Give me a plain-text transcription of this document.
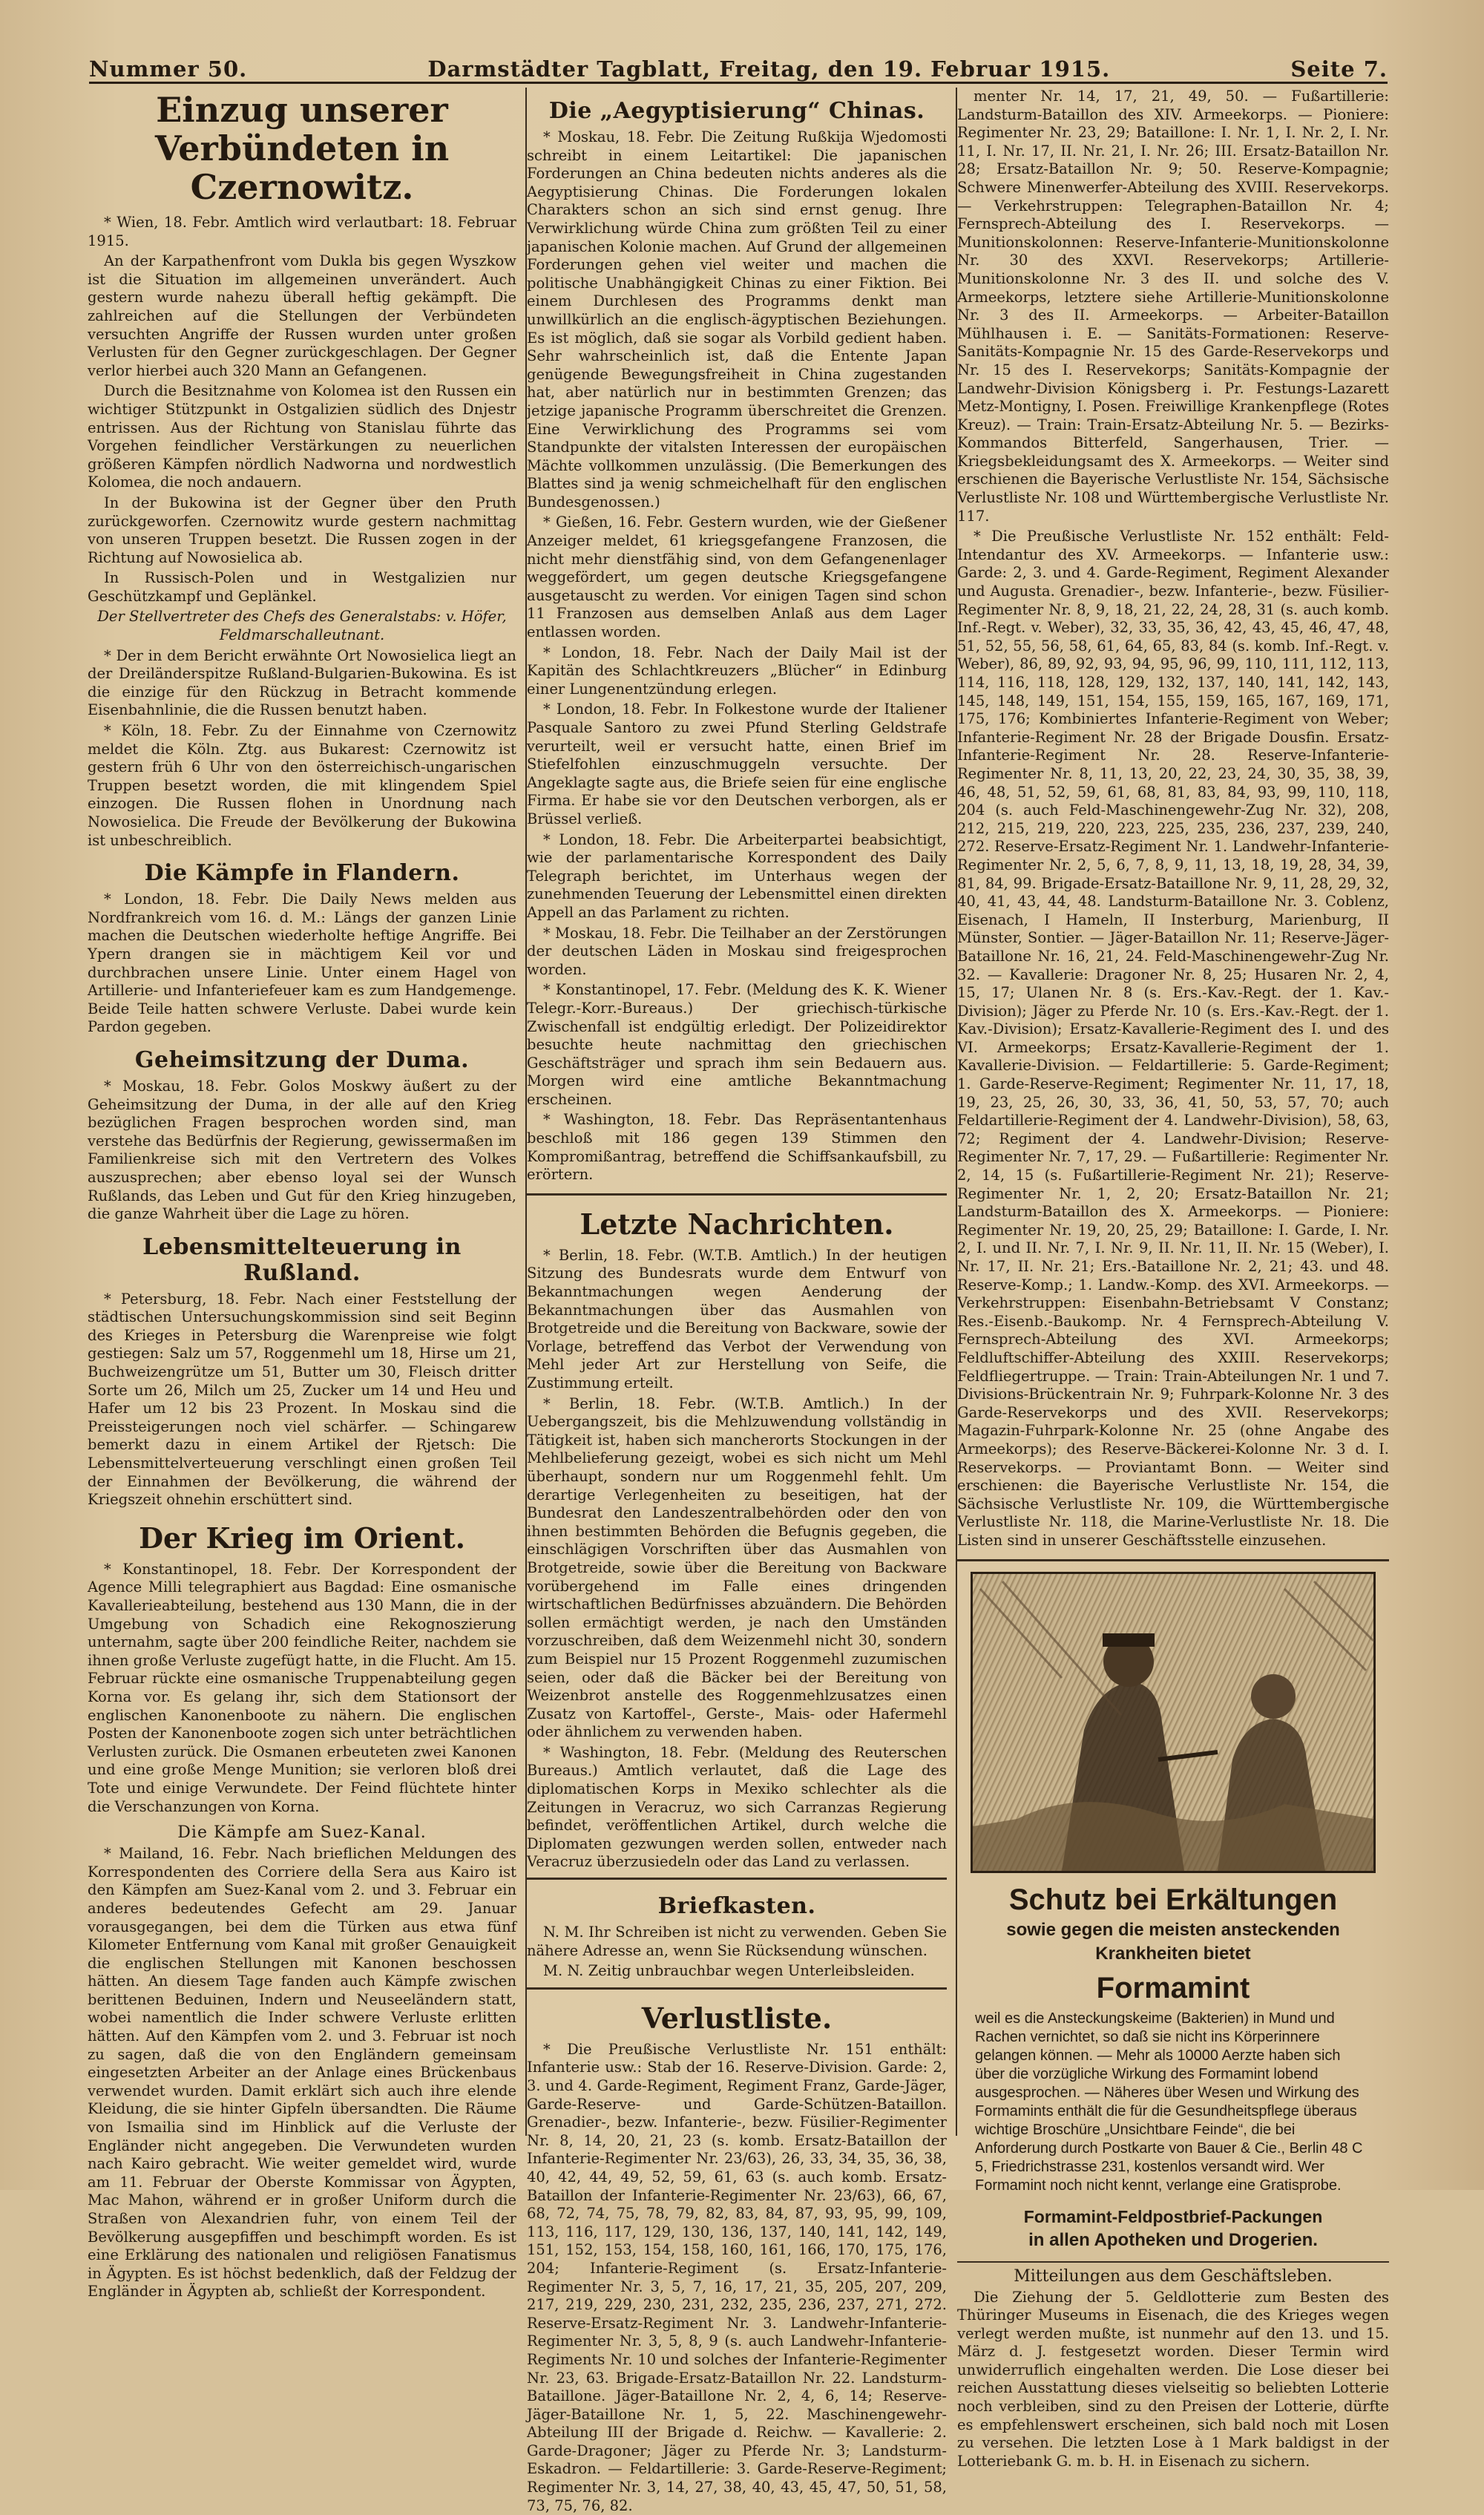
Nummer 50.	Darmstädter Tagblatt, Freitag, den 19. Februar 1915.	Seite 7.
Einzug unserer Verbündeten in Czernowitz.

* Wien, 18. Febr. Amtlich wird verlautbart: 18. Februar 1915.

An der Karpathenfront vom Dukla bis gegen Wyszkow ist die Situation im allgemeinen unverändert. Auch gestern wurde nahezu überall heftig gekämpft. Die zahlreichen auf die Stellungen der Verbündeten versuchten Angriffe der Russen wurden unter großen Verlusten für den Gegner zurückgeschlagen. Der Gegner verlor hierbei auch 320 Mann an Gefangenen.

Durch die Besitznahme von Kolomea ist den Russen ein wichtiger Stützpunkt in Ostgalizien südlich des Dnjestr entrissen. Aus der Richtung von Stanislau führte das Vorgehen feindlicher Verstärkungen zu neuerlichen größeren Kämpfen nördlich Nadworna und nordwestlich Kolomea, die noch andauern.

In der Bukowina ist der Gegner über den Pruth zurückgeworfen. Czernowitz wurde gestern nachmittag von unseren Truppen besetzt. Die Russen zogen in der Richtung auf Nowosielica ab.

In Russisch-Polen und in Westgalizien nur Geschützkampf und Geplänkel.

Der Stellvertreter des Chefs des Generalstabs: v. Höfer, Feldmarschalleutnant.

* Der in dem Bericht erwähnte Ort Nowosielica liegt an der Dreiländerspitze Rußland-Bulgarien-Bukowina. Es ist die einzige für den Rückzug in Betracht kommende Eisenbahnlinie, die die Russen benutzt haben.

* Köln, 18. Febr. Zu der Einnahme von Czernowitz meldet die Köln. Ztg. aus Bukarest: Czernowitz ist gestern früh 6 Uhr von den österreichisch-ungarischen Truppen besetzt worden, die mit klingendem Spiel einzogen. Die Russen flohen in Unordnung nach Nowosielica. Die Freude der Bevölkerung der Bukowina ist unbeschreiblich.

Die Kämpfe in Flandern.

* London, 18. Febr. Die Daily News melden aus Nordfrankreich vom 16. d. M.: Längs der ganzen Linie machen die Deutschen wiederholte heftige Angriffe. Bei Ypern drangen sie in mächtigem Keil vor und durchbrachen unsere Linie. Unter einem Hagel von Artillerie- und Infanteriefeuer kam es zum Handgemenge. Beide Teile hatten schwere Verluste. Dabei wurde kein Pardon gegeben.

Geheimsitzung der Duma.

* Moskau, 18. Febr. Golos Moskwy äußert zu der Geheimsitzung der Duma, in der alle auf den Krieg bezüglichen Fragen besprochen worden sind, man verstehe das Bedürfnis der Regierung, gewissermaßen im Familienkreise sich mit den Vertretern des Volkes auszusprechen; aber ebenso loyal sei der Wunsch Rußlands, das Leben und Gut für den Krieg hinzugeben, die ganze Wahrheit über die Lage zu hören.

Lebensmittelteuerung in Rußland.

* Petersburg, 18. Febr. Nach einer Feststellung der städtischen Untersuchungskommission sind seit Beginn des Krieges in Petersburg die Warenpreise wie folgt gestiegen: Salz um 57, Roggenmehl um 18, Hirse um 21, Buchweizengrütze um 51, Butter um 30, Fleisch dritter Sorte um 26, Milch um 25, Zucker um 14 und Heu und Hafer um 12 bis 23 Prozent. In Moskau sind die Preissteigerungen noch viel schärfer. — Schingarew bemerkt dazu in einem Artikel der Rjetsch: Die Lebensmittelverteuerung verschlingt einen großen Teil der Einnahmen der Bevölkerung, die während der Kriegszeit ohnehin erschüttert sind.

Der Krieg im Orient.

* Konstantinopel, 18. Febr. Der Korrespondent der Agence Milli telegraphiert aus Bagdad: Eine osmanische Kavallerieabteilung, bestehend aus 130 Mann, die in der Umgebung von Schadich eine Rekognoszierung unternahm, sagte über 200 feindliche Reiter, nachdem sie ihnen große Verluste zugefügt hatte, in die Flucht. Am 15. Februar rückte eine osmanische Truppenabteilung gegen Korna vor. Es gelang ihr, sich dem Stationsort der englischen Kanonenboote zu nähern. Die englischen Posten der Kanonenboote zogen sich unter beträchtlichen Verlusten zurück. Die Osmanen erbeuteten zwei Kanonen und eine große Menge Munition; sie verloren bloß drei Tote und einige Verwundete. Der Feind flüchtete hinter die Verschanzungen von Korna.

Die Kämpfe am Suez-Kanal.

* Mailand, 16. Febr. Nach brieflichen Meldungen des Korrespondenten des Corriere della Sera aus Kairo ist den Kämpfen am Suez-Kanal vom 2. und 3. Februar ein anderes bedeutendes Gefecht am 29. Januar vorausgegangen, bei dem die Türken aus etwa fünf Kilometer Entfernung vom Kanal mit großer Genauigkeit die englischen Stellungen mit Kanonen beschossen hätten. An diesem Tage fanden auch Kämpfe zwischen berittenen Beduinen, Indern und Neuseeländern statt, wobei namentlich die Inder schwere Verluste erlitten hätten. Auf den Kämpfen vom 2. und 3. Februar ist noch zu sagen, daß die von den Engländern gemeinsam eingesetzten Arbeiter an der Anlage eines Brückenbaus verwendet wurden. Damit erklärt sich auch ihre elende Kleidung, die sie hinter Gipfeln übersandten. Die Räume von Ismailia sind im Hinblick auf die Verluste der Engländer nicht angegeben. Die Verwundeten wurden nach Kairo gebracht. Wie weiter gemeldet wird, wurde am 11. Februar der Oberste Kommissar von Ägypten, Mac Mahon, während er in großer Uniform durch die Straßen von Alexandrien fuhr, von einem Teil der Bevölkerung ausgepfiffen und beschimpft worden. Es ist eine Erklärung des nationalen und religiösen Fanatismus in Ägypten. Es ist höchst bedenklich, daß der Feldzug der Engländer in Ägypten ab, schließt der Korrespondent.

Die „Aegyptisierung“ Chinas.

* Moskau, 18. Febr. Die Zeitung Rußkija Wjedomosti schreibt in einem Leitartikel: Die japanischen Forderungen an China bedeuten nichts anderes als die Aegyptisierung Chinas. Die Forderungen lokalen Charakters schon an sich sind ernst genug. Ihre Verwirklichung würde China zum größten Teil zu einer japanischen Kolonie machen. Auf Grund der allgemeinen Forderungen gehen viel weiter und machen die politische Unabhängigkeit Chinas zu einer Fiktion. Bei einem Durchlesen des Programms denkt man unwillkürlich an die englisch-ägyptischen Beziehungen. Es ist möglich, daß sie sogar als Vorbild gedient haben. Sehr wahrscheinlich ist, daß die Entente Japan genügende Bewegungsfreiheit in China zugestanden hat, aber natürlich nur in bestimmten Grenzen; das jetzige japanische Programm überschreitet die Grenzen. Eine Verwirklichung des Programms sei vom Standpunkte der vitalsten Interessen der europäischen Mächte vollkommen unzulässig. (Die Bemerkungen des Blattes sind ja wenig schmeichelhaft für den englischen Bundesgenossen.)

* Gießen, 16. Febr. Gestern wurden, wie der Gießener Anzeiger meldet, 61 kriegsgefangene Franzosen, die nicht mehr dienstfähig sind, von dem Gefangenenlager weggefördert, um gegen deutsche Kriegsgefangene ausgetauscht zu werden. Vor einigen Tagen sind schon 11 Franzosen aus demselben Anlaß aus dem Lager entlassen worden.

* London, 18. Febr. Nach der Daily Mail ist der Kapitän des Schlachtkreuzers „Blücher“ in Edinburg einer Lungenentzündung erlegen.

* London, 18. Febr. In Folkestone wurde der Italiener Pasquale Santoro zu zwei Pfund Sterling Geldstrafe verurteilt, weil er versucht hatte, einen Brief im Stiefelfohlen einzuschmuggeln versuchte. Der Angeklagte sagte aus, die Briefe seien für eine englische Firma. Er habe sie vor den Deutschen verborgen, als er Brüssel verließ.

* London, 18. Febr. Die Arbeiterpartei beabsichtigt, wie der parlamentarische Korrespondent des Daily Telegraph berichtet, im Unterhaus wegen der zunehmenden Teuerung der Lebensmittel einen direkten Appell an das Parlament zu richten.

* Moskau, 18. Febr. Die Teilhaber an der Zerstörungen der deutschen Läden in Moskau sind freigesprochen worden.

* Konstantinopel, 17. Febr. (Meldung des K. K. Wiener Telegr.-Korr.-Bureaus.) Der griechisch-türkische Zwischenfall ist endgültig erledigt. Der Polizeidirektor besuchte heute nachmittag den griechischen Geschäftsträger und sprach ihm sein Bedauern aus. Morgen wird eine amtliche Bekanntmachung erscheinen.

* Washington, 18. Febr. Das Repräsentantenhaus beschloß mit 186 gegen 139 Stimmen den Kompromißantrag, betreffend die Schiffsankaufsbill, zu erörtern.

Letzte Nachrichten.

* Berlin, 18. Febr. (W.T.B. Amtlich.) In der heutigen Sitzung des Bundesrats wurde dem Entwurf von Bekanntmachungen wegen Aenderung der Bekanntmachungen über das Ausmahlen von Brotgetreide und die Bereitung von Backware, sowie der Vorlage, betreffend das Verbot der Verwendung von Mehl jeder Art zur Herstellung von Seife, die Zustimmung erteilt.

* Berlin, 18. Febr. (W.T.B. Amtlich.) In der Uebergangszeit, bis die Mehlzuwendung vollständig in Tätigkeit ist, haben sich mancherorts Stockungen in der Mehlbelieferung gezeigt, wobei es sich nicht um Mehl überhaupt, sondern nur um Roggenmehl fehlt. Um derartige Verlegenheiten zu beseitigen, hat der Bundesrat den Landeszentralbehörden oder den von ihnen bestimmten Behörden die Befugnis gegeben, die einschlägigen Vorschriften über das Ausmahlen von Brotgetreide, sowie über die Bereitung von Backware vorübergehend im Falle eines dringenden wirtschaftlichen Bedürfnisses abzuändern. Die Behörden sollen ermächtigt werden, je nach den Umständen vorzuschreiben, daß dem Weizenmehl nicht 30, sondern zum Beispiel nur 15 Prozent Roggenmehl zuzumischen seien, oder daß die Bäcker bei der Bereitung von Weizenbrot anstelle des Roggenmehlzusatzes einen Zusatz von Kartoffel-, Gerste-, Mais- oder Hafermehl oder ähnlichem zu verwenden haben.

* Washington, 18. Febr. (Meldung des Reuterschen Bureaus.) Amtlich verlautet, daß die Lage des diplomatischen Korps in Mexiko schlechter als die Zeitungen in Veracruz, wo sich Carranzas Regierung befindet, veröffentlichen Artikel, durch welche die Diplomaten gezwungen werden sollen, entweder nach Veracruz überzusiedeln oder das Land zu verlassen.

Briefkasten.

N. M. Ihr Schreiben ist nicht zu verwenden. Geben Sie nähere Adresse an, wenn Sie Rücksendung wünschen.

M. N. Zeitig unbrauchbar wegen Unterleibsleiden.

Verlustliste.

* Die Preußische Verlustliste Nr. 151 enthält: Infanterie usw.: Stab der 16. Reserve-Division. Garde: 2, 3. und 4. Garde-Regiment, Regiment Franz, Garde-Jäger, Garde-Reserve- und Garde-Schützen-Bataillon. Grenadier-, bezw. Infanterie-, bezw. Füsilier-Regimenter Nr. 8, 14, 20, 21, 23 (s. komb. Ersatz-Bataillon der Infanterie-Regimenter Nr. 23/63), 26, 33, 34, 35, 36, 38, 40, 42, 44, 49, 52, 59, 61, 63 (s. auch komb. Ersatz-Bataillon der Infanterie-Regimenter Nr. 23/63), 66, 67, 68, 72, 74, 75, 78, 79, 82, 83, 84, 87, 93, 95, 99, 109, 113, 116, 117, 129, 130, 136, 137, 140, 141, 142, 149, 151, 152, 153, 154, 158, 160, 161, 166, 170, 175, 176, 204; Infanterie-Regiment (s. Ersatz-Infanterie-Regimenter Nr. 3, 5, 7, 16, 17, 21, 35, 205, 207, 209, 217, 219, 229, 230, 231, 232, 235, 236, 237, 271, 272. Reserve-Ersatz-Regiment Nr. 3. Landwehr-Infanterie-Regimenter Nr. 3, 5, 8, 9 (s. auch Landwehr-Infanterie-Regiments Nr. 10 und solches der Infanterie-Regimenter Nr. 23, 63. Brigade-Ersatz-Bataillon Nr. 22. Landsturm-Bataillone. Jäger-Bataillone Nr. 2, 4, 6, 14; Reserve-Jäger-Bataillone Nr. 1, 5, 22. Maschinengewehr-Abteilung III der Brigade d. Reichw. — Kavallerie: 2. Garde-Dragoner; Jäger zu Pferde Nr. 3; Landsturm-Eskadron. — Feldartillerie: 3. Garde-Reserve-Regiment; Regimenter Nr. 3, 14, 27, 38, 40, 43, 45, 47, 50, 51, 58, 73, 75, 76, 82.

menter Nr. 14, 17, 21, 49, 50. — Fußartillerie: Landsturm-Bataillon des XIV. Armeekorps. — Pioniere: Regimenter Nr. 23, 29; Bataillone: I. Nr. 1, I. Nr. 2, I. Nr. 11, I. Nr. 17, II. Nr. 21, I. Nr. 26; III. Ersatz-Bataillon Nr. 28; Ersatz-Bataillon Nr. 9; 50. Reserve-Kompagnie; Schwere Minenwerfer-Abteilung des XVIII. Reservekorps. — Verkehrstruppen: Telegraphen-Bataillon Nr. 4; Fernsprech-Abteilung des I. Reservekorps. — Munitionskolonnen: Reserve-Infanterie-Munitionskolonne Nr. 30 des XXVI. Reservekorps; Artillerie-Munitionskolonne Nr. 3 des II. und solche des V. Armeekorps, letztere siehe Artillerie-Munitionskolonne Nr. 3 des II. Armeekorps. — Arbeiter-Bataillon Mühlhausen i. E. — Sanitäts-Formationen: Reserve-Sanitäts-Kompagnie Nr. 15 des Garde-Reservekorps und Nr. 15 des I. Reservekorps; Sanitäts-Kompagnie der Landwehr-Division Königsberg i. Pr. Festungs-Lazarett Metz-Montigny, I. Posen. Freiwillige Krankenpflege (Rotes Kreuz). — Train: Train-Ersatz-Abteilung Nr. 5. — Bezirks-Kommandos Bitterfeld, Sangerhausen, Trier. — Kriegsbekleidungsamt des X. Armeekorps. — Weiter sind erschienen die Bayerische Verlustliste Nr. 154, Sächsische Verlustliste Nr. 108 und Württembergische Verlustliste Nr. 117.

* Die Preußische Verlustliste Nr. 152 enthält: Feld-Intendantur des XV. Armeekorps. — Infanterie usw.: Garde: 2, 3. und 4. Garde-Regiment, Regiment Alexander und Augusta. Grenadier-, bezw. Infanterie-, bezw. Füsilier-Regimenter Nr. 8, 9, 18, 21, 22, 24, 28, 31 (s. auch komb. Inf.-Regt. v. Weber), 32, 33, 35, 36, 42, 43, 45, 46, 47, 48, 51, 52, 55, 56, 58, 61, 64, 65, 83, 84 (s. komb. Inf.-Regt. v. Weber), 86, 89, 92, 93, 94, 95, 96, 99, 110, 111, 112, 113, 114, 116, 118, 128, 129, 132, 137, 140, 141, 142, 143, 145, 148, 149, 151, 154, 155, 159, 165, 167, 169, 171, 175, 176; Kombiniertes Infanterie-Regiment von Weber; Infanterie-Regiment Nr. 28 der Brigade Dousfin. Ersatz-Infanterie-Regiment Nr. 28. Reserve-Infanterie-Regimenter Nr. 8, 11, 13, 20, 22, 23, 24, 30, 35, 38, 39, 46, 48, 51, 52, 59, 61, 68, 81, 83, 84, 93, 99, 110, 118, 204 (s. auch Feld-Maschinengewehr-Zug Nr. 32), 208, 212, 215, 219, 220, 223, 225, 235, 236, 237, 239, 240, 272. Reserve-Ersatz-Regiment Nr. 1. Landwehr-Infanterie-Regimenter Nr. 2, 5, 6, 7, 8, 9, 11, 13, 18, 19, 28, 34, 39, 81, 84, 99. Brigade-Ersatz-Bataillone Nr. 9, 11, 28, 29, 32, 40, 41, 43, 44, 48. Landsturm-Bataillone Nr. 3. Coblenz, Eisenach, I Hameln, II Insterburg, Marienburg, II Münster, Sontier. — Jäger-Bataillon Nr. 11; Reserve-Jäger-Bataillone Nr. 16, 21, 24. Feld-Maschinengewehr-Zug Nr. 32. — Kavallerie: Dragoner Nr. 8, 25; Husaren Nr. 2, 4, 15, 17; Ulanen Nr. 8 (s. Ers.-Kav.-Regt. der 1. Kav.-Division); Jäger zu Pferde Nr. 10 (s. Ers.-Kav.-Regt. der 1. Kav.-Division); Ersatz-Kavallerie-Regiment des I. und des VI. Armeekorps; Ersatz-Kavallerie-Regiment der 1. Kavallerie-Division. — Feldartillerie: 5. Garde-Regiment; 1. Garde-Reserve-Regiment; Regimenter Nr. 11, 17, 18, 19, 23, 25, 26, 30, 33, 36, 41, 50, 53, 57, 70; auch Feldartillerie-Regiment der 4. Landwehr-Division), 58, 63, 72; Regiment der 4. Landwehr-Division; Reserve-Regimenter Nr. 7, 17, 29. — Fußartillerie: Regimenter Nr. 2, 14, 15 (s. Fußartillerie-Regiment Nr. 21); Reserve-Regimenter Nr. 1, 2, 20; Ersatz-Bataillon Nr. 21; Landsturm-Bataillon des X. Armeekorps. — Pioniere: Regimenter Nr. 19, 20, 25, 29; Bataillone: I. Garde, I. Nr. 2, I. und II. Nr. 7, I. Nr. 9, II. Nr. 11, II. Nr. 15 (Weber), I. Nr. 17, II. Nr. 21; Ers.-Bataillone Nr. 2, 21; 43. und 48. Reserve-Komp.; 1. Landw.-Komp. des XVI. Armeekorps. — Verkehrstruppen: Eisenbahn-Betriebsamt V Constanz; Res.-Eisenb.-Baukomp. Nr. 4 Fernsprech-Abteilung V. Fernsprech-Abteilung des XVI. Armeekorps; Feldluftschiffer-Abteilung des XXIII. Reservekorps; Feldfliegertruppe. — Train: Train-Abteilungen Nr. 1 und 7. Divisions-Brückentrain Nr. 9; Fuhrpark-Kolonne Nr. 3 des Garde-Reservekorps und des XVII. Reservekorps; Magazin-Fuhrpark-Kolonne Nr. 25 (ohne Angabe des Armeekorps); des Reserve-Bäckerei-Kolonne Nr. 3 d. I. Reservekorps. — Proviantamt Bonn. — Weiter sind erschienen: die Bayerische Verlustliste Nr. 154, die Sächsische Verlustliste Nr. 109, die Württembergische Verlustliste Nr. 118, die Marine-Verlustliste Nr. 18. Die Listen sind in unserer Geschäftsstelle einzusehen.

Schutz bei Erkältungen
sowie gegen die meisten ansteckenden
Krankheiten bietet
Formamint
weil es die Ansteckungskeime (Bakterien) in Mund und Rachen vernichtet, so daß sie nicht ins Körperinnere gelangen können. — Mehr als 10000 Aerzte haben sich über die vorzügliche Wirkung des Formamint lobend ausgesprochen. — Näheres über Wesen und Wirkung des Formamints enthält die für die Gesundheitspflege überaus wichtige Broschüre „Unsichtbare Feinde“, die bei Anforderung durch Postkarte von Bauer & Cie., Berlin 48 C 5, Friedrichstrasse 231, kostenlos versandt wird. Wer Formamint noch nicht kennt, verlange eine Gratisprobe.
Formamint-Feldpostbrief-Packungen
in allen Apotheken und Drogerien.
Mitteilungen aus dem Geschäftsleben.

Die Ziehung der 5. Geldlotterie zum Besten des Thüringer Museums in Eisenach, die des Krieges wegen verlegt werden mußte, ist nunmehr auf den 13. und 15. März d. J. festgesetzt worden. Dieser Termin wird unwiderruflich eingehalten werden. Die Lose dieser bei reichen Ausstattung dieses vielseitig so beliebten Lotterie noch verbleiben, sind zu den Preisen der Lotterie, dürfte es empfehlenswert erscheinen, sich bald noch mit Losen zu versehen. Die letzten Lose à 1 Mark baldigst in der Lotteriebank G. m. b. H. in Eisenach zu sichern.
